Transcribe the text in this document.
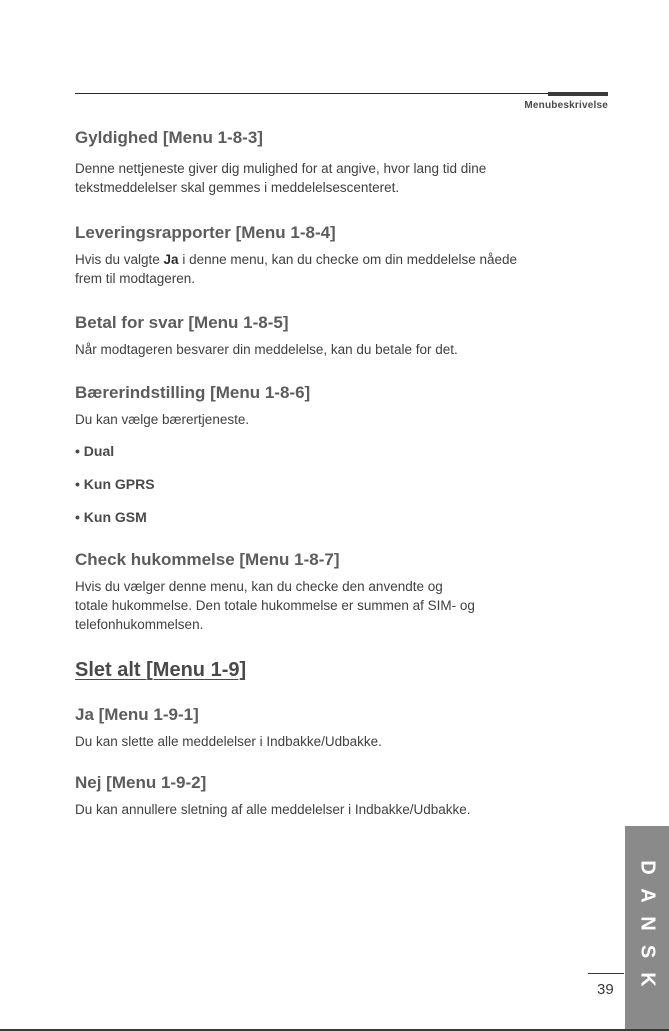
Menubeskrivelse
Gyldighed [Menu 1-8-3]
Denne nettjeneste giver dig mulighed for at angive, hvor lang tid dine
tekstmeddelelser skal gemmes i meddelelsescenteret.
Leveringsrapporter [Menu 1-8-4]
Hvis du valgte Ja i denne menu, kan du checke om din meddelelse nåede
frem til modtageren.
Betal for svar [Menu 1-8-5]
Når modtageren besvarer din meddelelse, kan du betale for det.
Bærerindstilling [Menu 1-8-6]
Du kan vælge bærertjeneste.
• Dual
• Kun GPRS
• Kun GSM
Check hukommelse [Menu 1-8-7]
Hvis du vælger denne menu, kan du checke den anvendte og
totale hukommelse. Den totale hukommelse er summen af SIM- og
telefonhukommelsen.
Slet alt [Menu 1-9]
Ja [Menu 1-9-1]
Du kan slette alle meddelelser i Indbakke/Udbakke.
Nej [Menu 1-9-2]
Du kan annullere sletning af alle meddelelser i Indbakke/Udbakke.
D
A
N
S
K
39
